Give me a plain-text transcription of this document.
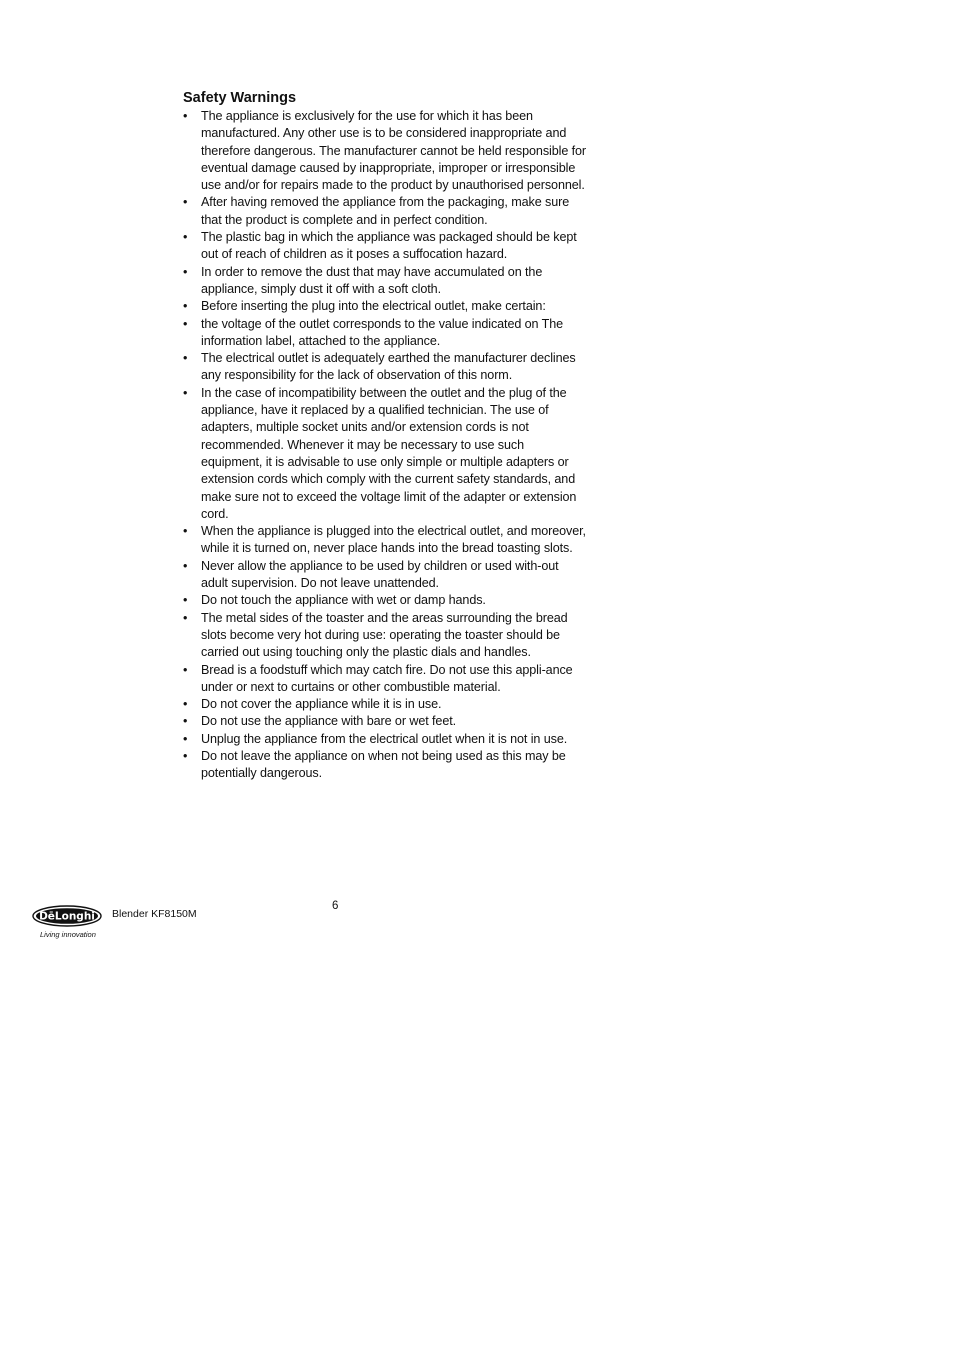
Safety Warnings
•	The appliance is exclusively for the use for which it has been manufactured. Any other use is to be considered inappropriate and therefore dangerous. The manufacturer cannot be held responsible for eventual damage caused by inappropriate, improper or irresponsible use and/or for repairs made to the product by unauthorised personnel.
•	After having removed the appliance from the packaging, make sure that the product is complete and in perfect condition.
•	The plastic bag in which the appliance was packaged should be kept out of reach of children as it poses a suffocation hazard.
•	In order to remove the dust that may have accumulated on the appliance, simply dust it off with a soft cloth.
•	Before inserting the plug into the electrical outlet, make certain:
•	the voltage of the outlet corresponds to the value indicated on The information label, attached to the appliance.
•	The electrical outlet is adequately earthed the manufacturer declines any responsibility for the lack of observation of this norm.
•	In the case of incompatibility between the outlet and the plug of the appliance, have it replaced by a qualified technician. The use of adapters, multiple socket units and/or extension cords is not recommended. Whenever it may be necessary to use such equipment, it is advisable to use only simple or multiple adapters or extension cords which comply with the current safety standards, and make sure not to exceed the voltage limit of the adapter or extension cord.
•	When the appliance is plugged into the electrical outlet, and moreover, while it is turned on, never place hands into the bread toasting slots.
•	Never allow the appliance to be used by children or used with-out adult supervision. Do not leave unattended.
•	Do not touch the appliance with wet or damp hands.
•	The metal sides of the toaster and the areas surrounding the bread slots become very hot during use: operating the toaster should be carried out using touching only the plastic dials and handles.
•	Bread is a foodstuff which may catch fire. Do not use this appli-ance under or next to curtains or other combustible material.
•	Do not cover the appliance while it is in use.
•	Do not use the appliance with bare or wet feet.
•	Unplug the appliance from the electrical outlet when it is not in use.
•	Do not leave the appliance on when not being used as this may be potentially dangerous.
DēLonghi
Living innovation
Blender KF8150M
6
